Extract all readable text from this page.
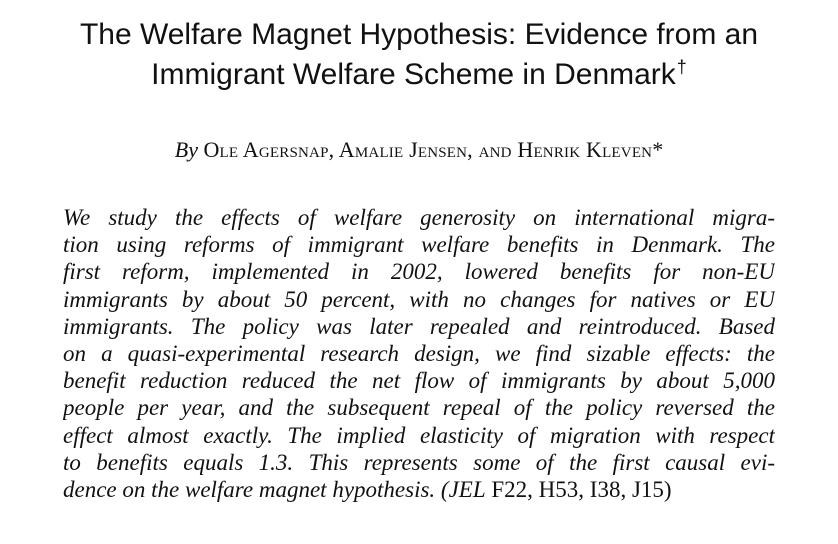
The Welfare Magnet Hypothesis: Evidence from an
Immigrant Welfare Scheme in Denmark†
By Ole Agersnap, Amalie Jensen, and Henrik Kleven*
We study the effects of welfare generosity on international migra-
tion using reforms of immigrant welfare benefits in Denmark. The
first reform, implemented in 2002, lowered benefits for non-EU
immigrants by about 50 percent, with no changes for natives or EU
immigrants. The policy was later repealed and reintroduced. Based
on a quasi-experimental research design, we find sizable effects: the
benefit reduction reduced the net flow of immigrants by about 5,000
people per year, and the subsequent repeal of the policy reversed the
effect almost exactly. The implied elasticity of migration with respect
to benefits equals 1.3. This represents some of the first causal evi-
dence on the welfare magnet hypothesis. (JEL F22, H53, I38, J15)
